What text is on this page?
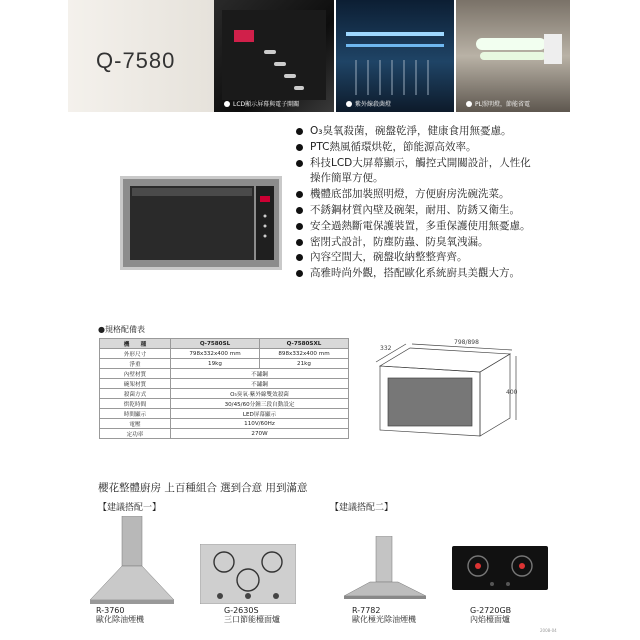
Q-7580
LCD顯示屏幕與電子開關	紫外線殺菌燈	PL照明燈，節能省電
O₃臭氧殺菌，碗盤乾淨，健康食用無憂慮。
PTC熱風循環烘乾，節能源高效率。
科技LCD大屏幕顯示，觸控式開關設計，人性化
操作簡單方便。
機體底部加裝照明燈，方便廚房洗碗洗菜。
不銹鋼材質內壁及碗架，耐用、防銹又衛生。
安全過熱斷電保護裝置，多重保護使用無憂慮。
密閉式設計，防塵防蟲、防臭氧洩漏。
內容空間大，碗盤收納整整齊齊。
高雅時尚外觀，搭配歐化系統廚具美觀大方。
●規格配備表
機　　種	Q-7580SL	Q-7580SXL
外形尺寸	798x332x400 mm	898x332x400 mm
淨重	19kg	21kg
內壁材質	不鏽鋼	
碗架材質	不鏽鋼	
殺菌方式	O₃臭氧‧紫外線雙效殺菌	
烘乾時間	30/45/60分鐘三段自動設定	
時間顯示	LED屏幕顯示	
電壓	110V/60Hz	
定功率	270W	
332
798/898
400
櫻花整體廚房 上百種組合 選到合意 用到滿意
【建議搭配一】	【建議搭配二】
R-3760
歐化除油煙機
G-2630S
三口節能檯面爐
R-7782
歐化極光除油煙機
G-2720GB
內焰檯面爐
2008-04
